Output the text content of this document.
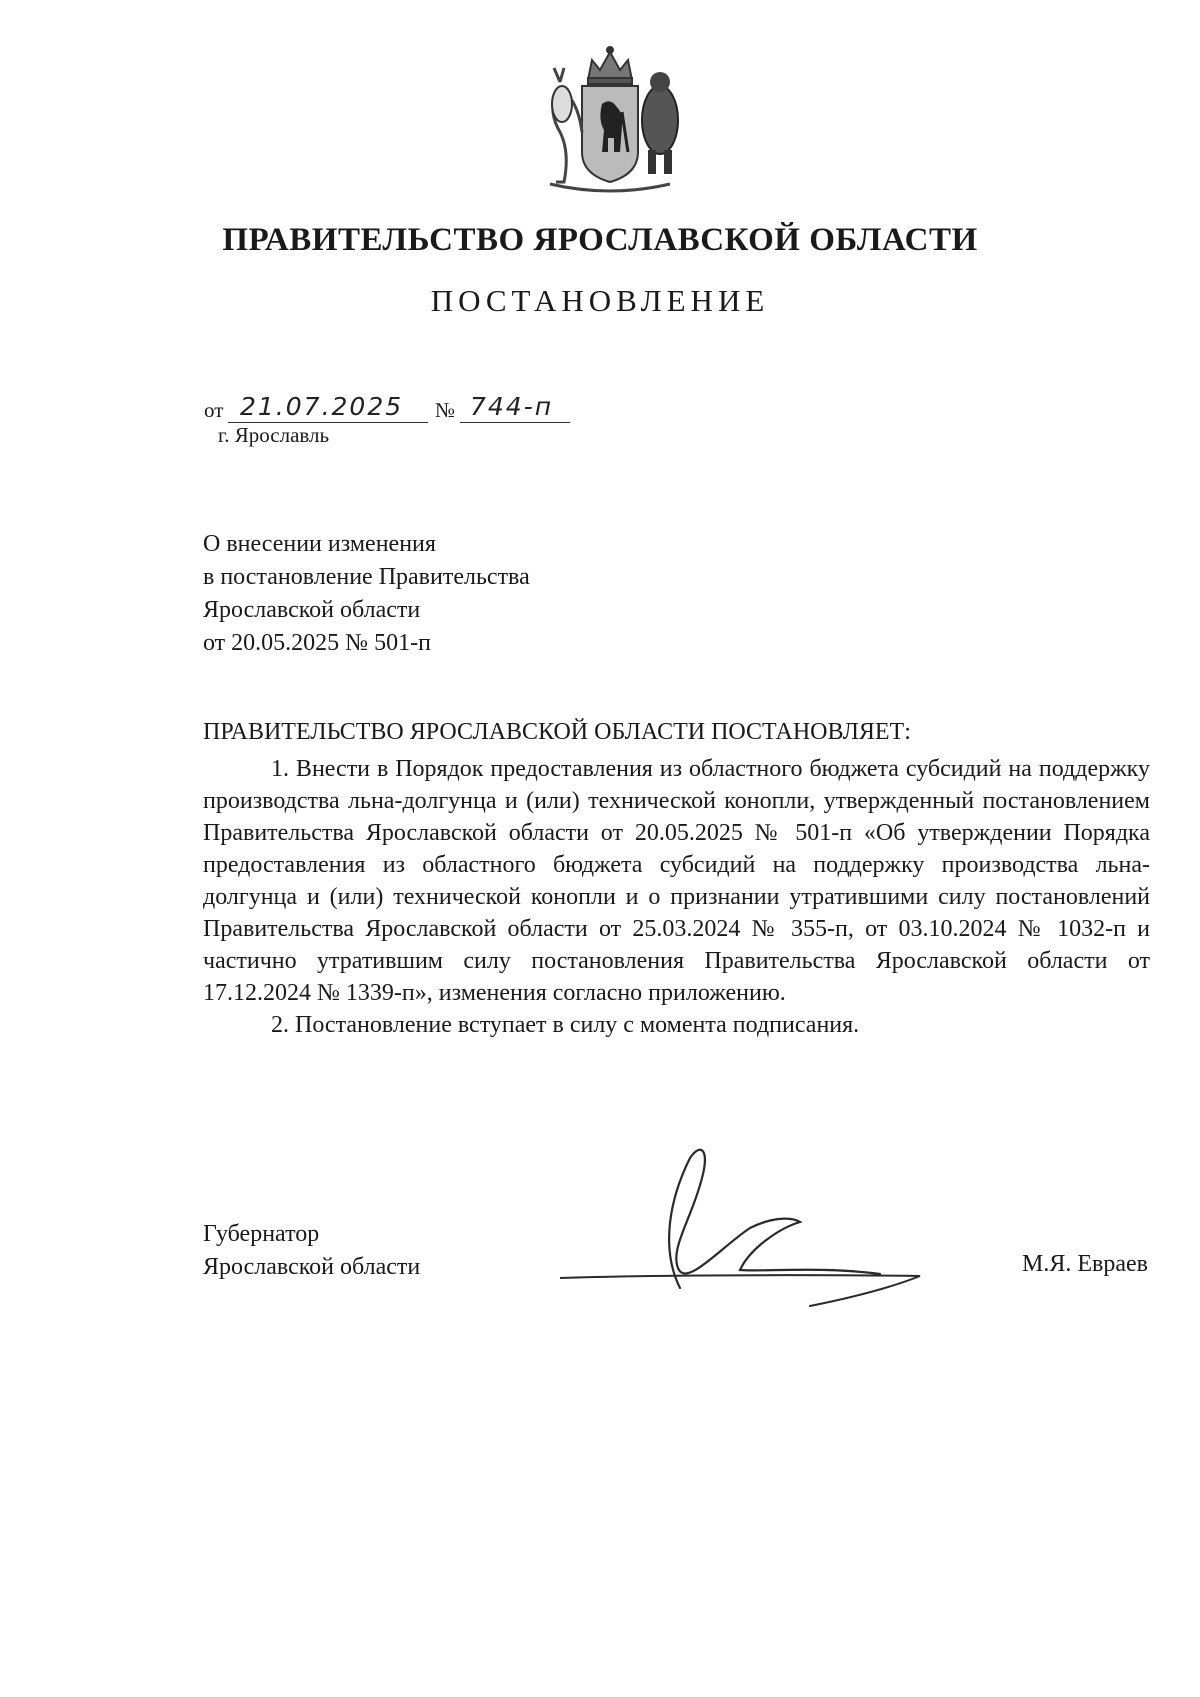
ПРАВИТЕЛЬСТВО ЯРОСЛАВСКОЙ ОБЛАСТИ
ПОСТАНОВЛЕНИЕ
от 21.07.2025 № 744-п
г. Ярославль
О внесении изменения
в постановление Правительства
Ярославской области
от 20.05.2025 № 501-п
ПРАВИТЕЛЬСТВО ЯРОСЛАВСКОЙ ОБЛАСТИ ПОСТАНОВЛЯЕТ:

1. Внести в Порядок предоставления из областного бюджета субсидий на поддержку производства льна-долгунца и (или) технической конопли, утвержденный постановлением Правительства Ярославской области от 20.05.2025 № 501-п «Об утверждении Порядка предоставления из областного бюджета субсидий на поддержку производства льна-долгунца и (или) технической конопли и о признании утратившими силу постановлений Правительства Ярославской области от 25.03.2024 № 355-п, от 03.10.2024 № 1032-п и частично утратившим силу постановления Правительства Ярославской области от 17.12.2024 № 1339-п», изменения согласно приложению.

2. Постановление вступает в силу с момента подписания.

Губернатор
Ярославской области	М.Я. Евраев
